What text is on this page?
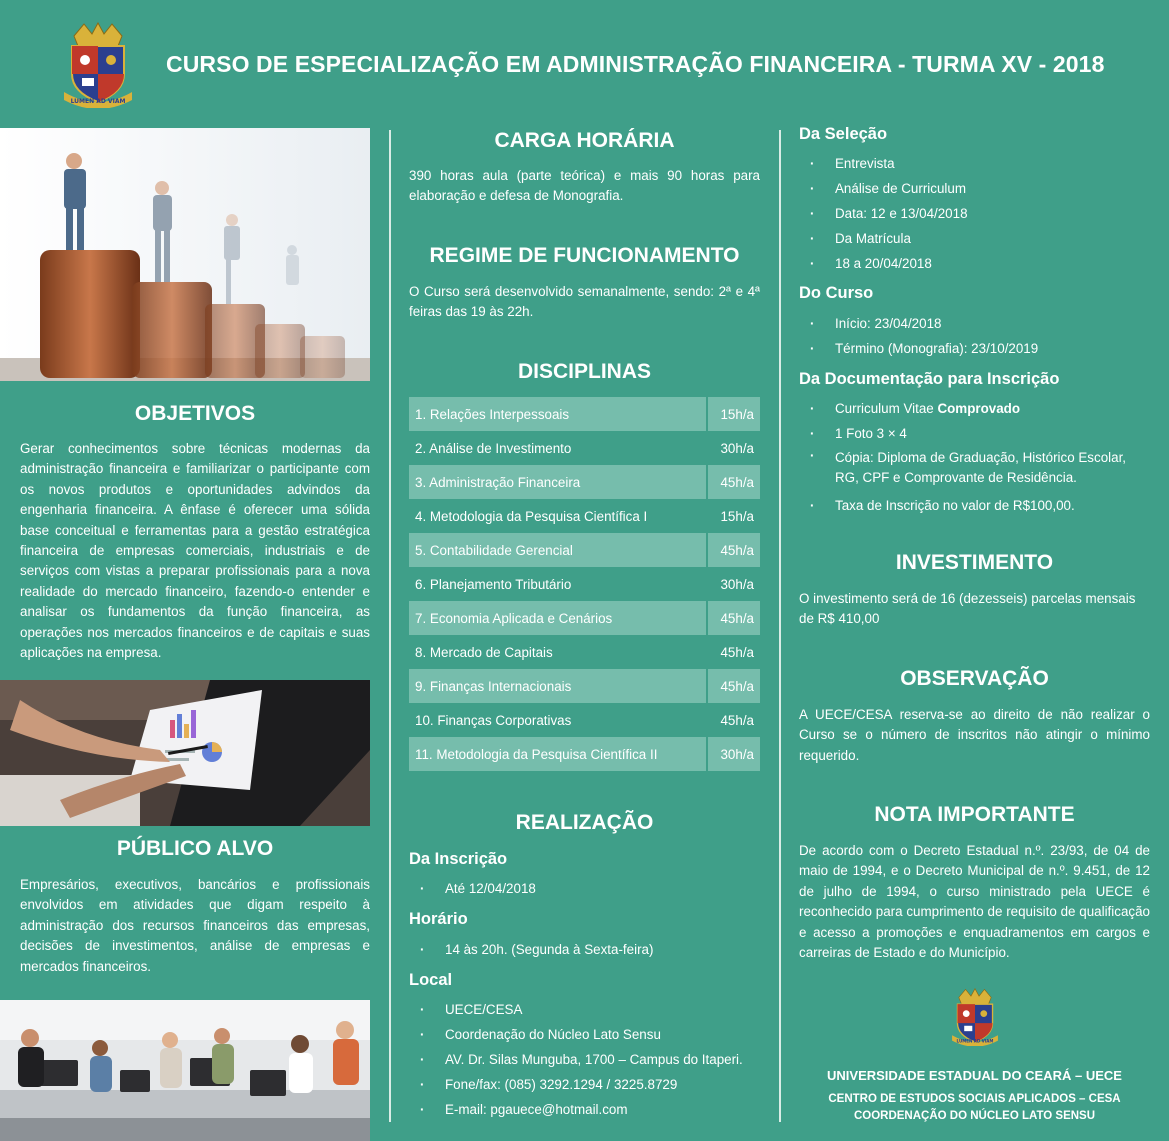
LUMEN AD VIAM
CURSO DE ESPECIALIZAÇÃO EM ADMINISTRAÇÃO FINANCEIRA - TURMA XV - 2018
OBJETIVOS
Gerar conhecimentos sobre técnicas modernas da administração financeira e familiarizar o participante com os novos produtos e oportunidades advindos da engenharia financeira. A ênfase é oferecer uma sólida base conceitual e ferramentas para a gestão estratégica financeira de empresas comerciais, industriais e de serviços com vistas a preparar profissionais para a nova realidade do mercado financeiro, fazendo-o entender e analisar os fundamentos da função financeira, as operações nos mercados financeiros e de capitais e suas aplicações na empresa.
PÚBLICO ALVO
Empresários, executivos, bancários e profissionais envolvidos em atividades que digam respeito à administração dos recursos financeiros das empresas, decisões de investimentos, análise de empresas e mercados financeiros.
CARGA HORÁRIA
390 horas aula (parte teórica) e mais 90 horas para elaboração e defesa de Monografia.
REGIME DE FUNCIONAMENTO
O Curso será desenvolvido semanalmente, sendo: 2ª e 4ª feiras das 19 às 22h.
DISCIPLINAS
1. Relações Interpessoais	15h/a
2. Análise de Investimento	30h/a
3. Administração Financeira	45h/a
4. Metodologia da Pesquisa Científica I	15h/a
5. Contabilidade Gerencial	45h/a
6. Planejamento Tributário	30h/a
7. Economia Aplicada e Cenários	45h/a
8. Mercado de Capitais	45h/a
9. Finanças Internacionais	45h/a
10. Finanças Corporativas	45h/a
11. Metodologia da Pesquisa Científica II	30h/a
REALIZAÇÃO
Da Inscrição
· Até 12/04/2018
Horário
· 14 às 20h. (Segunda à Sexta-feira)
Local
· UECE/CESA
· Coordenação do Núcleo Lato Sensu
· AV. Dr. Silas Munguba, 1700 – Campus do Itaperi.
· Fone/fax: (085) 3292.1294 / 3225.8729
· E-mail: pgauece@hotmail.com
Da Seleção
· Entrevista
· Análise de Curriculum
· Data: 12 e 13/04/2018
· Da Matrícula
· 18 a 20/04/2018
Do Curso
· Início: 23/04/2018
· Término (Monografia): 23/10/2019
Da Documentação para Inscrição
· Curriculum Vitae Comprovado
· 1 Foto 3 × 4
· Cópia: Diploma de Graduação, Histórico Escolar, RG, CPF e Comprovante de Residência.
· Taxa de Inscrição no valor de R$100,00.
INVESTIMENTO
O investimento será de 16 (dezesseis) parcelas mensais de R$ 410,00
OBSERVAÇÃO
A UECE/CESA reserva-se ao direito de não realizar o Curso se o número de inscritos não atingir o mínimo requerido.
NOTA IMPORTANTE
De acordo com o Decreto Estadual n.º. 23/93, de 04 de maio de 1994, e o Decreto Municipal de n.º. 9.451, de 12 de julho de 1994, o curso ministrado pela UECE é reconhecido para cumprimento de requisito de qualificação e acesso a promoções e enquadramentos em cargos e carreiras de Estado e do Município.
LUMEN AD VIAM
UNIVERSIDADE ESTADUAL DO CEARÁ – UECE
CENTRO DE ESTUDOS SOCIAIS APLICADOS – CESA
COORDENAÇÃO DO NÚCLEO LATO SENSU
